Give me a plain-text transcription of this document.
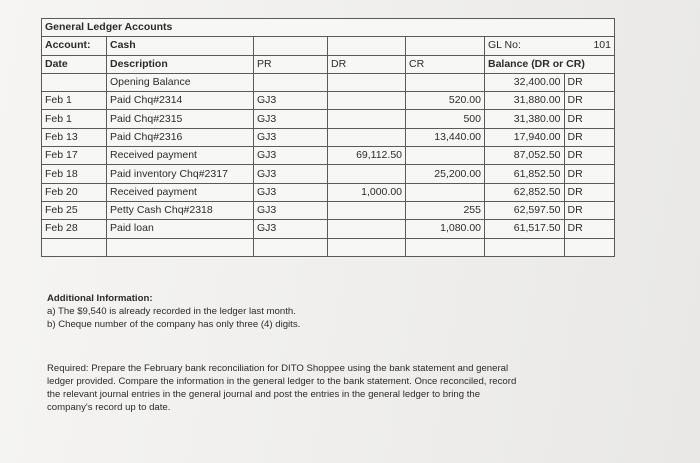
General Ledger Accounts						
Account:	Cash				GL No:	101
Date	Description	PR	DR	CR	Balance (DR or CR)	
	Opening Balance				32,400.00	DR
Feb 1	Paid Chq#2314	GJ3		520.00	31,880.00	DR
Feb 1	Paid Chq#2315	GJ3		500	31,380.00	DR
Feb 13	Paid Chq#2316	GJ3		13,440.00	17,940.00	DR
Feb 17	Received payment	GJ3	69,112.50		87,052.50	DR
Feb 18	Paid inventory Chq#2317	GJ3		25,200.00	61,852.50	DR
Feb 20	Received payment	GJ3	1,000.00		62,852.50	DR
Feb 25	Petty Cash Chq#2318	GJ3		255	62,597.50	DR
Feb 28	Paid loan	GJ3		1,080.00	61,517.50	DR

Additional Information:

a) The $9,540 is already recorded in the ledger last month.

b) Cheque number of the company has only three (4) digits.

Required: Prepare the February bank reconciliation for DITO Shoppee using the bank statement and general

ledger provided. Compare the information in the general ledger to the bank statement. Once reconciled, record

the relevant journal entries in the general journal and post the entries in the general ledger to bring the

company's record up to date.
